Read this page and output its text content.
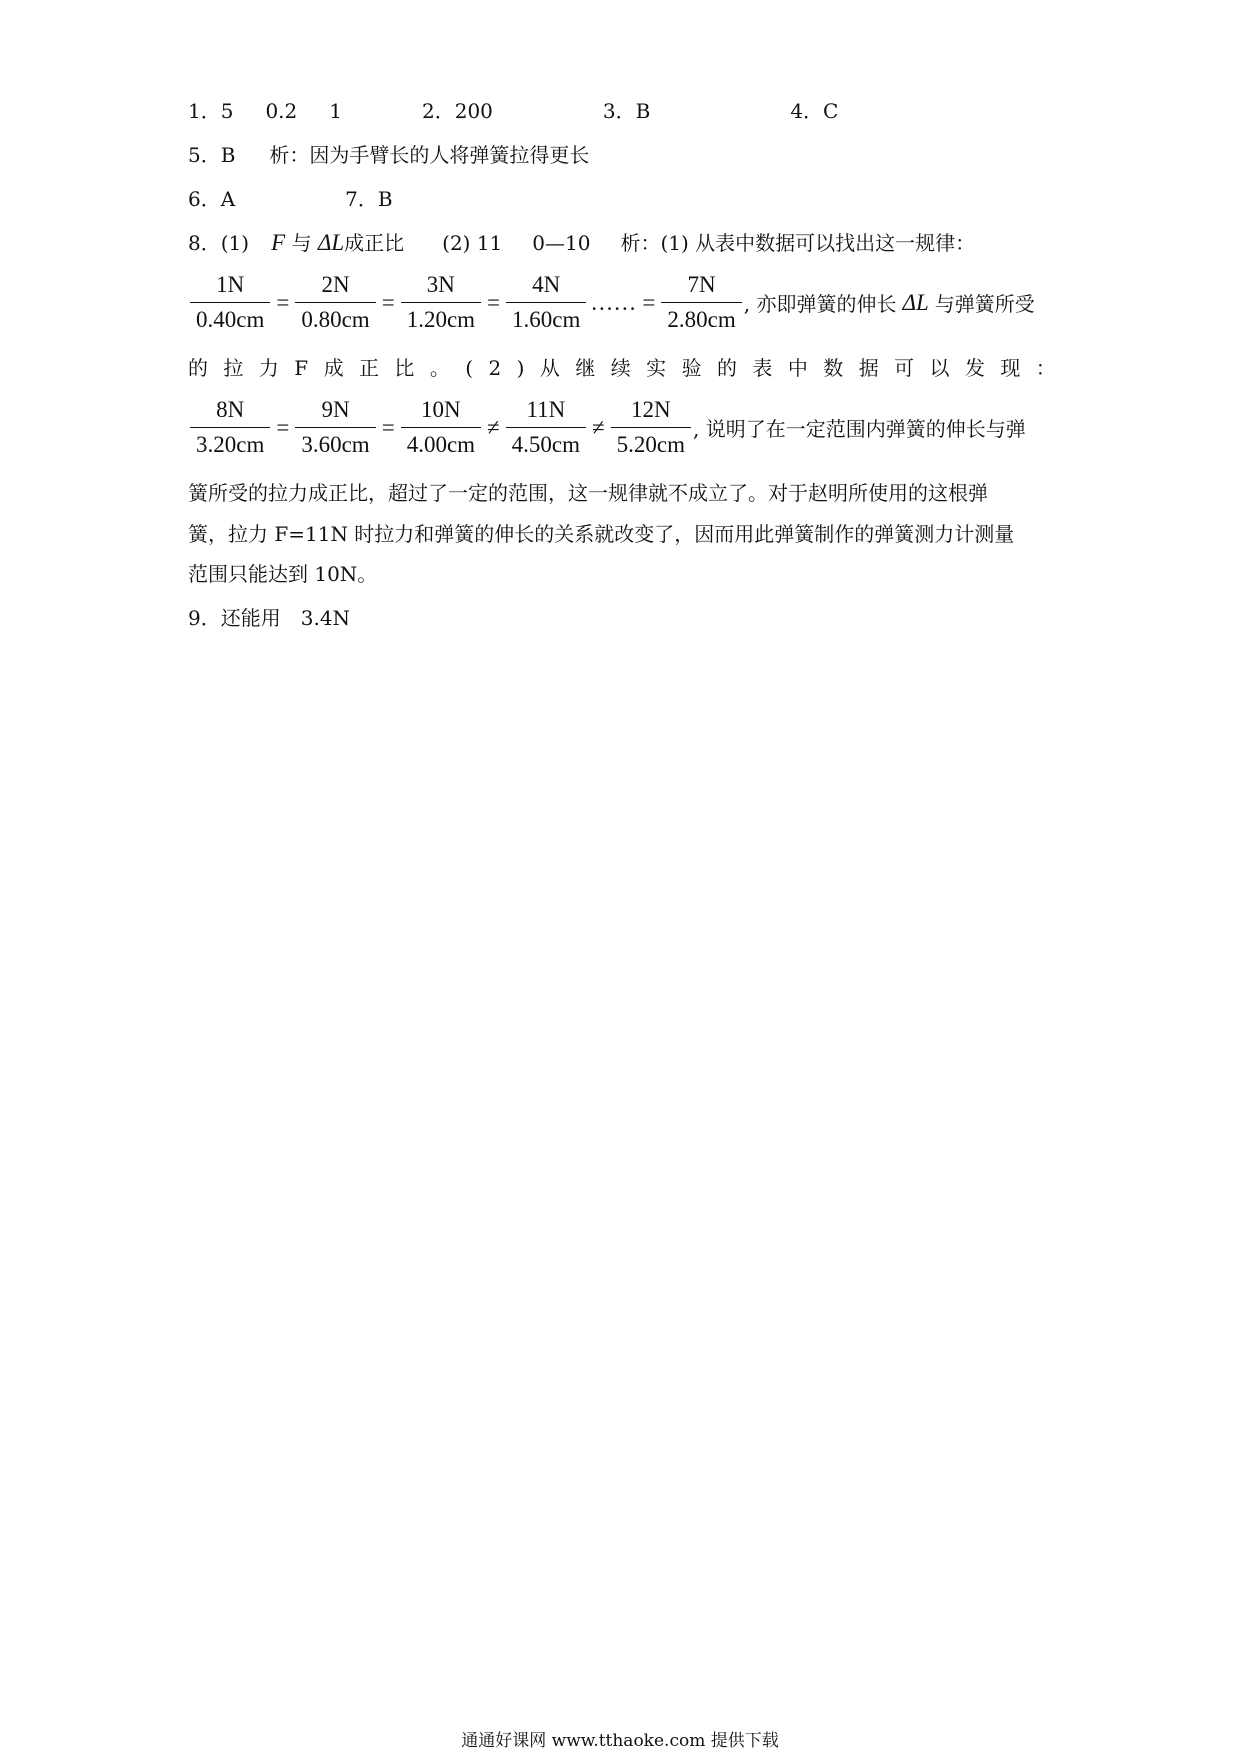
1．5 0.2 1	2．200	3．B	4．C
5．B 析：因为手臂长的人将弹簧拉得更长
6．A	7．B
8．(1) F 与 ΔL成正比 (2) 11 0—10 析：(1) 从表中数据可以找出这一规律：
$\frac{1N}{0.40cm} = \frac{2N}{0.80cm} = \frac{3N}{1.20cm} = \frac{4N}{1.60cm}$ …… = $\frac{7N}{2.80cm}$ , 亦即弹簧的伸长 ΔL 与弹簧所受
的 拉 力 F 成 正 比 。 ( 2 ) 从 继 续 实 验 的 表 中 数 据 可 以 发 现 ：
$\frac{8N}{3.20cm} = \frac{9N}{3.60cm} = \frac{10N}{4.00cm} \ne \frac{11N}{4.50cm} \ne \frac{12N}{5.20cm}$ , 说明了在一定范围内弹簧的伸长与弹
簧所受的拉力成正比，超过了一定的范围，这一规律就不成立了。对于赵明所使用的这根弹
簧，拉力 F=11N 时拉力和弹簧的伸长的关系就改变了，因而用此弹簧制作的弹簧测力计测量
范围只能达到 10N。
9．还能用 3.4N
通通好课网 www.tthaoke.com 提供下载
